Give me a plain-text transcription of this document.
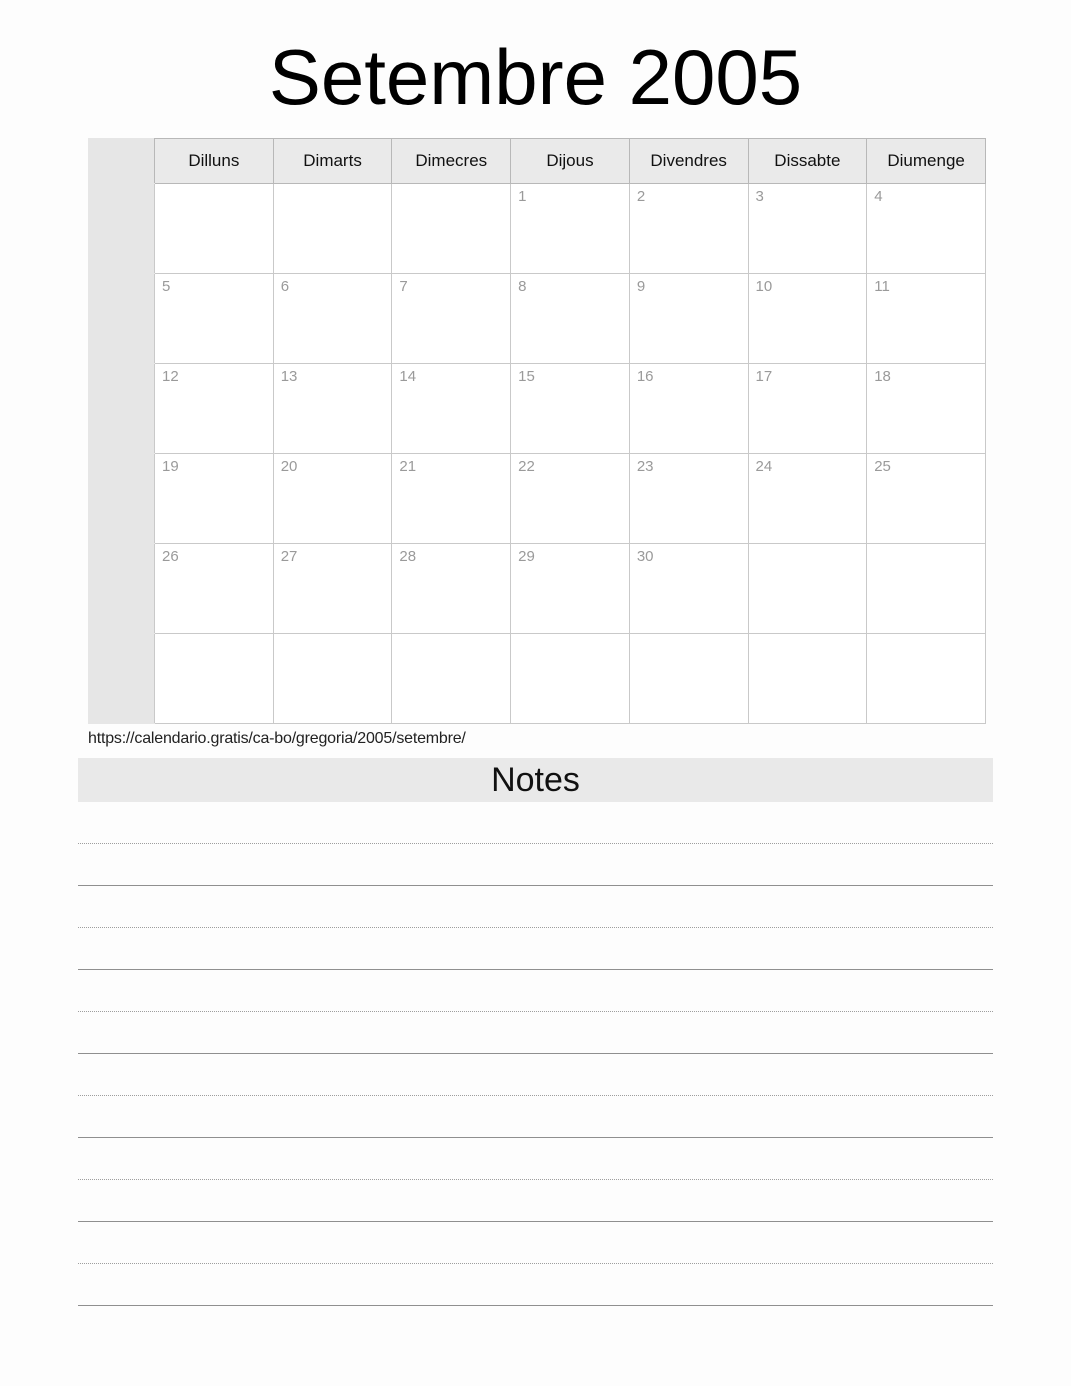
Setembre 2005
	Dilluns	Dimarts	Dimecres	Dijous	Divendres	Dissabte	Diumenge

				1	2	3	4

	5	6	7	8	9	10	11

	12	13	14	15	16	17	18

	19	20	21	22	23	24	25

	26	27	28	29	30		

https://calendario.gratis/ca-bo/gregoria/2005/setembre/
Notes
